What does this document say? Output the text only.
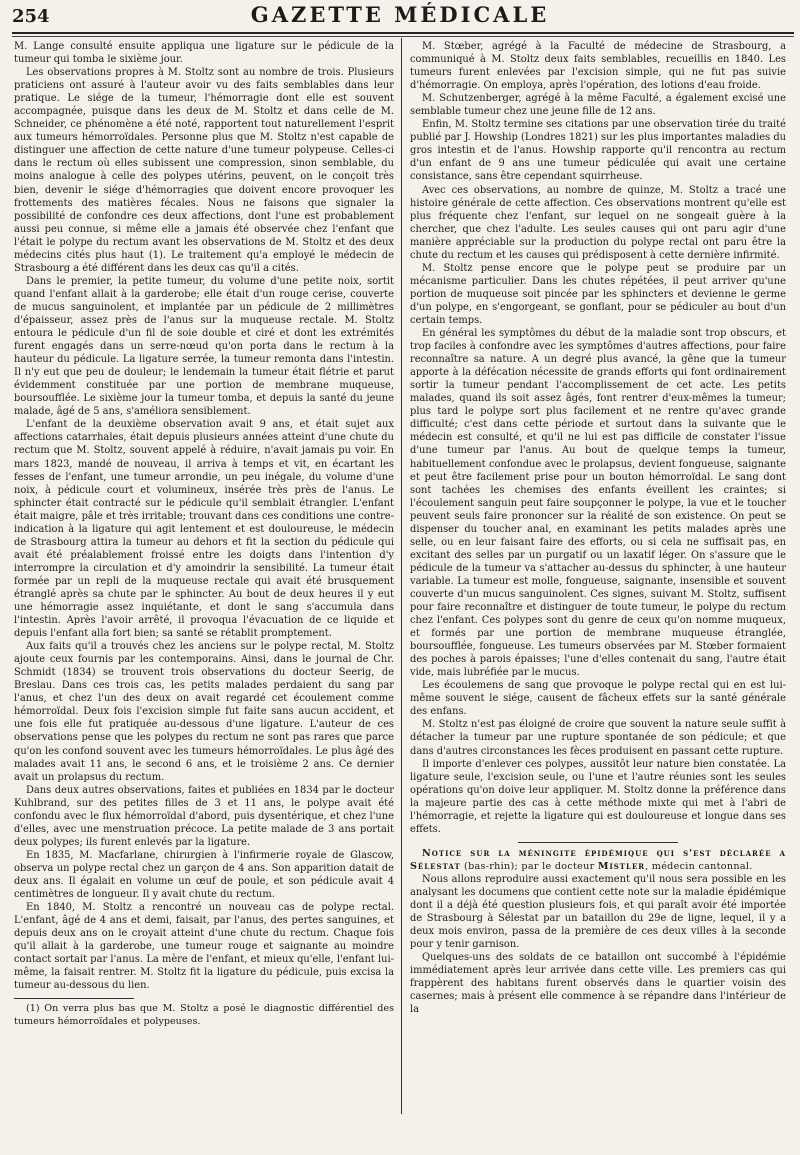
254	GAZETTE MÉDICALE

M. Lange consulté ensuite appliqua une ligature sur le pédicule de la tumeur qui tomba le sixième jour.

Les observations propres à M. Stoltz sont au nombre de trois. Plusieurs praticiens ont assuré à l'auteur avoir vu des faits semblables dans leur pratique. Le siége de la tumeur, l'hémorragie dont elle est souvent accompagnée, puisque dans les deux de M. Stoltz et dans celle de M. Schneider, ce phénomène a été noté, rapportent tout naturellement l'esprit aux tumeurs hémorroïdales. Personne plus que M. Stoltz n'est capable de distinguer une affection de cette nature d'une tumeur polypeuse. Celles-ci dans le rectum où elles subissent une compression, sinon semblable, du moins analogue à celle des polypes utérins, peuvent, on le conçoit très bien, devenir le siége d'hémorragies que doivent encore provoquer les frottements des matières fécales. Nous ne faisons que signaler la possibilité de confondre ces deux affections, dont l'une est probablement aussi peu connue, si même elle a jamais été observée chez l'enfant que l'était le polype du rectum avant les observations de M. Stoltz et des deux médecins cités plus haut (1). Le traitement qu'a employé le médecin de Strasbourg a été différent dans les deux cas qu'il a cités.

Dans le premier, la petite tumeur, du volume d'une petite noix, sortit quand l'enfant allait à la garderobe; elle était d'un rouge cerise, couverte de mucus sanguinolent, et implantée par un pédicule de 2 millimètres d'épaisseur, assez près de l'anus sur la muqueuse rectale. M. Stoltz entoura le pédicule d'un fil de soie double et ciré et dont les extrémités furent engagés dans un serre-nœud qu'on porta dans le rectum à la hauteur du pédicule. La ligature serrée, la tumeur remonta dans l'intestin. Il n'y eut que peu de douleur; le lendemain la tumeur était flétrie et parut évidemment constituée par une portion de membrane muqueuse, boursoufflée. Le sixième jour la tumeur tomba, et depuis la santé du jeune malade, âgé de 5 ans, s'améliora sensiblement.

L'enfant de la deuxième observation avait 9 ans, et était sujet aux affections catarrhales, était depuis plusieurs années atteint d'une chute du rectum que M. Stoltz, souvent appelé à réduire, n'avait jamais pu voir. En mars 1823, mandé de nouveau, il arriva à temps et vit, en écartant les fesses de l'enfant, une tumeur arrondie, un peu inégale, du volume d'une noix, à pédicule court et volumineux, insérée très près de l'anus. Le sphincter était contracté sur le pédicule qu'il semblait étrangler. L'enfant était maigre, pâle et très irritable; trouvant dans ces conditions une contre-indication à la ligature qui agit lentement et est douloureuse, le médecin de Strasbourg attira la tumeur au dehors et fit la section du pédicule qui avait été préalablement froissé entre les doigts dans l'intention d'y interrompre la circulation et d'y amoindrir la sensibilité. La tumeur était formée par un repli de la muqueuse rectale qui avait été brusquement étranglé après sa chute par le sphincter. Au bout de deux heures il y eut une hémorragie assez inquiétante, et dont le sang s'accumula dans l'intestin. Après l'avoir arrêté, il provoqua l'évacuation de ce liquide et depuis l'enfant alla fort bien; sa santé se rétablit promptement.

Aux faits qu'il a trouvés chez les anciens sur le polype rectal, M. Stoltz ajoute ceux fournis par les contemporains. Ainsi, dans le journal de Chr. Schmidt (1834) se trouvent trois observations du docteur Seerig, de Breslau. Dans ces trois cas, les petits malades perdaient du sang par l'anus, et chez l'un des deux on avait regardé cet écoulement comme hémorroïdal. Deux fois l'excision simple fut faite sans aucun accident, et une fois elle fut pratiquée au-dessous d'une ligature. L'auteur de ces observations pense que les polypes du rectum ne sont pas rares que parce qu'on les confond souvent avec les tumeurs hémorroïdales. Le plus âgé des malades avait 11 ans, le second 6 ans, et le troisième 2 ans. Ce dernier avait un prolapsus du rectum.

Dans deux autres observations, faites et publiées en 1834 par le docteur Kuhlbrand, sur des petites filles de 3 et 11 ans, le polype avait été confondu avec le flux hémorroïdal d'abord, puis dysentérique, et chez l'une d'elles, avec une menstruation précoce. La petite malade de 3 ans portait deux polypes; ils furent enlevés par la ligature.

En 1835, M. Macfarlane, chirurgien à l'infirmerie royale de Glascow, observa un polype rectal chez un garçon de 4 ans. Son apparition datait de deux ans. Il égalait en volume un œuf de poule, et son pédicule avait 4 centimètres de longueur. Il y avait chute du rectum.

En 1840, M. Stoltz a rencontré un nouveau cas de polype rectal. L'enfant, âgé de 4 ans et demi, faisait, par l'anus, des pertes sanguines, et depuis deux ans on le croyait atteint d'une chute du rectum. Chaque fois qu'il allait à la garderobe, une tumeur rouge et saignante au moindre contact sortait par l'anus. La mère de l'enfant, et mieux qu'elle, l'enfant lui-même, la faisait rentrer. M. Stoltz fit la ligature du pédicule, puis excisa la tumeur au-dessous du lien.

(1) On verra plus bas que M. Stoltz a posé le diagnostic différentiel des tumeurs hémorroïdales et polypeuses.

M. Stœber, agrégé à la Faculté de médecine de Strasbourg, a communiqué à M. Stoltz deux faits semblables, recueillis en 1840. Les tumeurs furent enlevées par l'excision simple, qui ne fut pas suivie d'hémorragie. On employa, après l'opération, des lotions d'eau froide.

M. Schutzenberger, agrégé à la même Faculté, a également excisé une semblable tumeur chez une jeune fille de 12 ans.

Enfin, M. Stoltz termine ses citations par une observation tirée du traité publié par J. Howship (Londres 1821) sur les plus importantes maladies du gros intestin et de l'anus. Howship rapporte qu'il rencontra au rectum d'un enfant de 9 ans une tumeur pédiculée qui avait une certaine consistance, sans être cependant squirrheuse.

Avec ces observations, au nombre de quinze, M. Stoltz a tracé une histoire générale de cette affection. Ces observations montrent qu'elle est plus fréquente chez l'enfant, sur lequel on ne songeait guère à la chercher, que chez l'adulte. Les seules causes qui ont paru agir d'une manière appréciable sur la production du polype rectal ont paru être la chute du rectum et les causes qui prédisposent à cette dernière infirmité.

M. Stoltz pense encore que le polype peut se produire par un mécanisme particulier. Dans les chutes répétées, il peut arriver qu'une portion de muqueuse soit pincée par les sphincters et devienne le germe d'un polype, en s'engorgeant, se gonflant, pour se pédiculer au bout d'un certain temps.

En général les symptômes du début de la maladie sont trop obscurs, et trop faciles à confondre avec les symptômes d'autres affections, pour faire reconnaître sa nature. A un degré plus avancé, la gêne que la tumeur apporte à la défécation nécessite de grands efforts qui font ordinairement sortir la tumeur pendant l'accomplissement de cet acte. Les petits malades, quand ils soit assez âgés, font rentrer d'eux-mêmes la tumeur; plus tard le polype sort plus facilement et ne rentre qu'avec grande difficulté; c'est dans cette période et surtout dans la suivante que le médecin est consulté, et qu'il ne lui est pas difficile de constater l'issue d'une tumeur par l'anus. Au bout de quelque temps la tumeur, habituellement confondue avec le prolapsus, devient fongueuse, saignante et peut être facilement prise pour un bouton hémorroïdal. Le sang dont sont tachées les chemises des enfants éveillent les craintes; si l'écoulement sanguin peut faire soupçonner le polype, la vue et le toucher peuvent seuls faire prononcer sur la réalité de son existence. On peut se dispenser du toucher anal, en examinant les petits malades après une selle, ou en leur faisant faire des efforts, ou si cela ne suffisait pas, en excitant des selles par un purgatif ou un laxatif léger. On s'assure que le pédicule de la tumeur va s'attacher au-dessus du sphincter, à une hauteur variable. La tumeur est molle, fongueuse, saignante, insensible et souvent couverte d'un mucus sanguinolent. Ces signes, suivant M. Stoltz, suffisent pour faire reconnaître et distinguer de toute tumeur, le polype du rectum chez l'enfant. Ces polypes sont du genre de ceux qu'on nomme muqueux, et formés par une portion de membrane muqueuse étranglée, boursoufflée, fongueuse. Les tumeurs observées par M. Stœber formaient des poches à parois épaisses; l'une d'elles contenait du sang, l'autre était vide, mais lubréfiée par le mucus.

Les écoulemens de sang que provoque le polype rectal qui en est lui-même souvent le siége, causent de fâcheux effets sur la santé générale des enfans.

M. Stoltz n'est pas éloigné de croire que souvent la nature seule suffit à détacher la tumeur par une rupture spontanée de son pédicule; et que dans d'autres circonstances les fèces produisent en passant cette rupture.

Il importe d'enlever ces polypes, aussitôt leur nature bien constatée. La ligature seule, l'excision seule, ou l'une et l'autre réunies sont les seules opérations qu'on doive leur appliquer. M. Stoltz donne la préférence dans la majeure partie des cas à cette méthode mixte qui met à l'abri de l'hémorragie, et rejette la ligature qui est douloureuse et longue dans ses effets.

Notice sur la méningite épidémique qui s'est déclarée a Sélestat (bas-rhin); par le docteur Mistler, médecin cantonnal.

Nous allons reproduire aussi exactement qu'il nous sera possible en les analysant les documens que contient cette note sur la maladie épidémique dont il a déjà été question plusieurs fois, et qui paraît avoir été importée de Strasbourg à Sélestat par un bataillon du 29e de ligne, lequel, il y a deux mois environ, passa de la première de ces deux villes à la seconde pour y tenir garnison.

Quelques-uns des soldats de ce bataillon ont succombé à l'épidémie immédiatement après leur arrivée dans cette ville. Les premiers cas qui frappèrent des habitans furent observés dans le quartier voisin des casernes; mais à présent elle commence à se répandre dans l'intérieur de la
